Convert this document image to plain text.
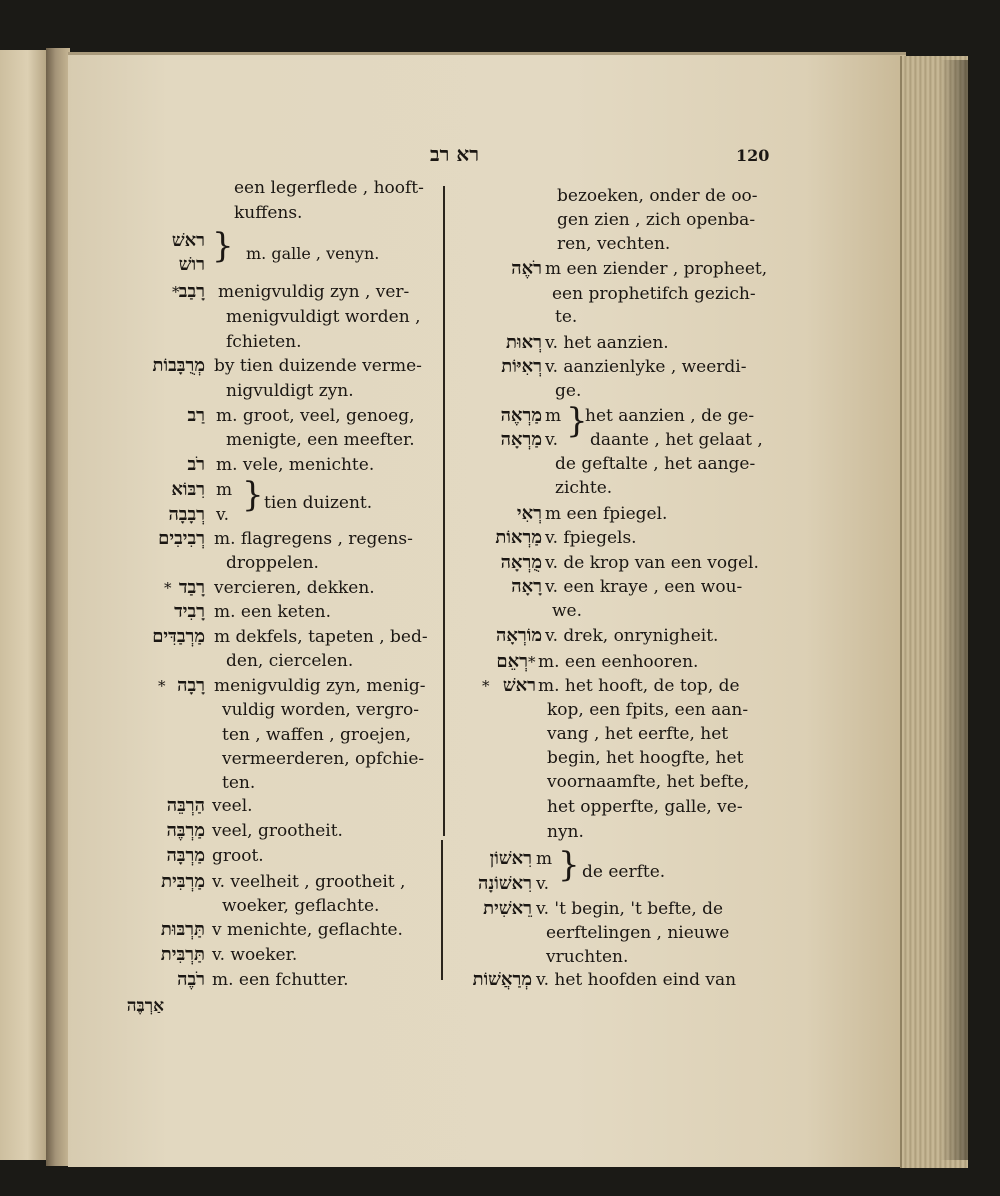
רא רב	120
een legerflede , hooft-
kuffens.
ראשׁ
רושׁ } m. galle , venyn.
* רָבַב menigvuldig zyn , ver-
menigvuldigt worden ,
fchieten.
מְרֻבָּבוֹת by tien duizende verme-
nigvuldigt zyn.
רַב m. groot, veel, genoeg,
menigte, een meefter.
רֹב m. vele, menichte.
רִבּוֹא m
רְבָבָה v. } tien duizent.
רְבִיבִים m. flagregens , regens-
droppelen.
* רָבַד vercieren, dekken.
רָבִיד m. een keten.
מַרְבַדִּים m dekfels, tapeten , bed-
den, ciercelen.
* רָבָה menigvuldig zyn, menig-
vuldig worden, vergro-
ten , waffen , groejen,
vermeerderen, opfchie-
ten.
הַרְבֵּה veel.
מַרְבֶּה veel, grootheit.
מַרְבָּה groot.
מַרְבִּית v. veelheit , grootheit ,
woeker, geflachte.
תַּרְבּוּת v menichte, geflachte.
תַּרְבִּית v. woeker.
רֹבֶה m. een fchutter.
אַרְבֶּה
bezoeken, onder de oo-
gen zien , zich openba-
ren, vechten.
רֹאֶה m een ziender , propheet,
een prophetifch gezich-
te.
רְאוּת v. het aanzien.
רְאִיּוֹת v. aanzienlyke , weerdi-
ge.
מַרְאֶה m }
het aanzien , de ge-
מַרְאָה v. daante , het gelaat ,
de geftalte , het aange-
zichte.
רְאִי m een fpiegel.
מַרְאוֹת v. fpiegels.
מֻרְאָה v. de krop van een vogel.
רָאָה v. een kraye , een wou-
we.
מוֹרְאָה v. drek, onrynigheit.
רְאֵם * m. een eenhooren.
* ראשׁ m. het hooft, de top, de
kop, een fpits, een aan-
vang , het eerfte, het
begin, het hoogfte, het
voornaamfte, het befte,
het opperfte, galle, ve-
nyn.
רִאשׁוֹן m
רִאשׁוֹנָה v. } de eerfte.
רֵאשִׁית v. 't begin, 't befte, de
eerftelingen , nieuwe
vruchten.
מְרַאֲשׁוֹת v. het hoofden eind van
